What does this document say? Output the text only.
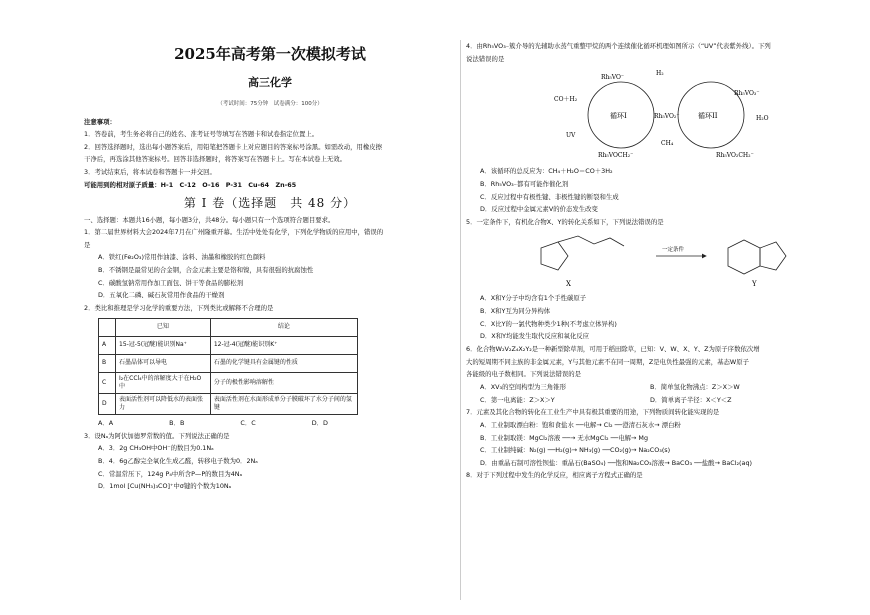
2025年高考第一次模拟考试
高三化学
（考试时间：75分钟　试卷满分：100分）
注意事项：
1．答卷前，考生务必将自己的姓名、准考证号等填写在答题卡和试卷指定位置上。
2．回答选择题时，选出每小题答案后，用铅笔把答题卡上对应题目的答案标号涂黑。如需改动，用橡皮擦
干净后，再选涂其他答案标号。回答非选择题时，将答案写在答题卡上。写在本试卷上无效。
3．考试结束后，将本试卷和答题卡一并交回。
可能用到的相对原子质量：H-1　C-12　O-16　P-31　Cu-64　Zn-65
第 I 卷（选择题　共 48 分）
一、选择题：本题共16小题，每小题3分，共48分。每小题只有一个选项符合题目要求。
1．第二届世界材料大会2024年7月在广州隆重开幕。生活中处处有化学，下列化学物质的应用中，错误的
是
A．铁红(Fe₂O₃)常用作油漆、涂料、油墨和橡胶的红色颜料
B．不锈钢是最常见的合金钢，合金元素主要是铬和镍，具有很强的抗腐蚀性
C．碳酸氢钠常用作加工面包、饼干等食品的膨松剂
D．五氧化二磷、碱石灰常用作食品的干燥剂
2．类比和推理是学习化学的重要方法，下列类比或解释不合理的是
	已知	结论
A	15-冠-5(冠醚)能识别Na⁺	12-冠-4(冠醚)能识别K⁺
B	石墨晶体可以导电	石墨的化学键具有金属键的性质
C	I₂在CCl₄中的溶解度大于在H₂O中	分子的极性影响溶解性
D	表面活性剂可以降低水的表面张力	表面活性剂在水面形成单分子膜破坏了水分子间的氢键
A．A	B．B	C．C	D．D
3．设Nₐ为阿伏加德罗常数的值。下列说法正确的是
A．3．2g CH₃OH中OH⁻的数目为0.1Nₐ
B．4．6g乙醇完全氧化生成乙醛，转移电子数为0．2Nₐ
C．常温常压下，124g P₄中所含P—P的数目为4Nₐ
D．1mol [Cu(NH₃)₃CO]⁺中σ键的个数为10Nₐ
4．由Rh₅VO₃₋簇介导的光辅助水蒸气重整甲烷的两个连续催化循环机理如图所示（“UV”代表紫外线）。下列
说法错误的是
循环I	循环II
Rh₅VO⁻
Rh₅VO₂⁻
Rh₅VOCH₂⁻
Rh₅VO₃⁻
Rh₅VO₂CH₂⁻
H₂
CO＋H₂
CH₄
UV
H₂O
A．该循环的总反应为：CH₄＋H₂O＝CO＋3H₂
B．Rh₅VO₃₋都有可能作催化剂
C．反应过程中有极性键、非极性键的断裂和生成
D．反应过程中金属元素V的价态发生改变
5．一定条件下，有机化合物X、Y的转化关系如下，下列说法错误的是
X
一定条件
Y
A．X和Y分子中均含有1个手性碳原子
B．X和Y互为同分异构体
C．X比Y的一氯代物种类少1种(不考虑立体异构)
D．X和Y均能发生取代反应和氧化反应
6．化合物W₂V₂Z₄X₂Y₂是一种新型除草剂，可用于稻田除草，已知：V、W、X、Y、Z为原子序数依次增
大的短周期不同主族的非金属元素，Y与其他元素不在同一周期，Z是电负性最强的元素，基态W原子
各能级的电子数相同。下列说法错误的是
A．XV₃的空间构型为三角锥形	B．简单氢化物沸点：Z＞X＞W
C．第一电离能：Z＞X＞Y	D．简单离子半径：X＜Y＜Z
7．元素及其化合物的转化在工业生产中具有极其重要的用途，下列物质间转化能实现的是
A．工业制取漂白粉：饱和食盐水 ──电解→ Cl₂ ──澄清石灰水→ 漂白粉
B．工业制取镁：MgCl₂溶液 ──→ 无水MgCl₂ ──电解→ Mg
C．工业制纯碱：N₂(g) ──H₂(g)→ NH₃(g) ──CO₂(g)→ Na₂CO₃(s)
D．由重晶石制可溶性钡盐：重晶石(BaSO₄) ──饱和Na₂CO₃溶液→ BaCO₃ ──盐酸→ BaCl₂(aq)
8．对于下列过程中发生的化学反应，相应离子方程式正确的是
